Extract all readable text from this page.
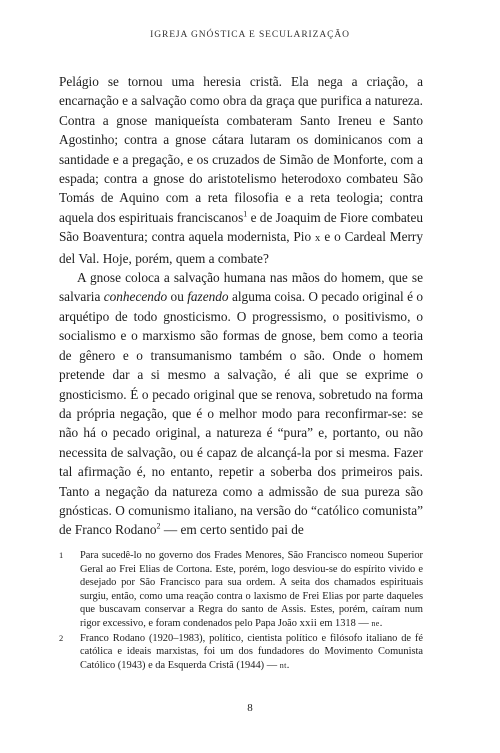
IGREJA GNÓSTICA E SECULARIZAÇÃO

Pelágio se tornou uma heresia cristã. Ela nega a criação, a encarnação e a salvação como obra da graça que purifica a natureza. Contra a gnose maniqueísta combateram Santo Ireneu e Santo Agostinho; contra a gnose cátara lutaram os dominicanos com a santidade e a pregação, e os cruzados de Simão de Monforte, com a espada; contra a gnose do aristotelismo heterodoxo combateu São Tomás de Aquino com a reta filosofia e a reta teologia; contra aquela dos espirituais franciscanos$^1$ e de Joaquim de Fiore combateu São Boaventura; contra aquela modernista, Pio x e o Cardeal Merry del Val. Hoje, porém, quem a combate?

A gnose coloca a salvação humana nas mãos do homem, que se salvaria conhecendo ou fazendo alguma coisa. O pecado original é o arquétipo de todo gnosticismo. O progressismo, o positivismo, o socialismo e o marxismo são formas de gnose, bem como a teoria de gênero e o transumanismo também o são. Onde o homem pretende dar a si mesmo a salvação, é ali que se exprime o gnosticismo. É o pecado original que se renova, sobretudo na forma da própria negação, que é o melhor modo para reconfirmar-se: se não há o pecado original, a natureza é “pura” e, portanto, ou não necessita de salvação, ou é capaz de alcançá-la por si mesma. Fazer tal afirmação é, no entanto, repetir a soberba dos primeiros pais. Tanto a negação da natureza como a admissão de sua pureza são gnósticas. O comunismo italiano, na versão do “católico comunista” de Franco Rodano$^2$ — em certo sentido pai de

1	Para sucedê-lo no governo dos Frades Menores, São Francisco nomeou Superior Geral ao Frei Elias de Cortona. Este, porém, logo desviou-se do espírito vivido e desejado por São Francisco para sua ordem. A seita dos chamados espirituais surgiu, então, como uma reação contra o laxismo de Frei Elias por parte daqueles que buscavam conservar a Regra do santo de Assis. Estes, porém, caíram num rigor excessivo, e foram condenados pelo Papa João xxii em 1318 — ne.
2	Franco Rodano (1920–1983), político, cientista político e filósofo italiano de fé católica e ideais marxistas, foi um dos fundadores do Movimento Comunista Católico (1943) e da Esquerda Cristã (1944) — nt.
8
